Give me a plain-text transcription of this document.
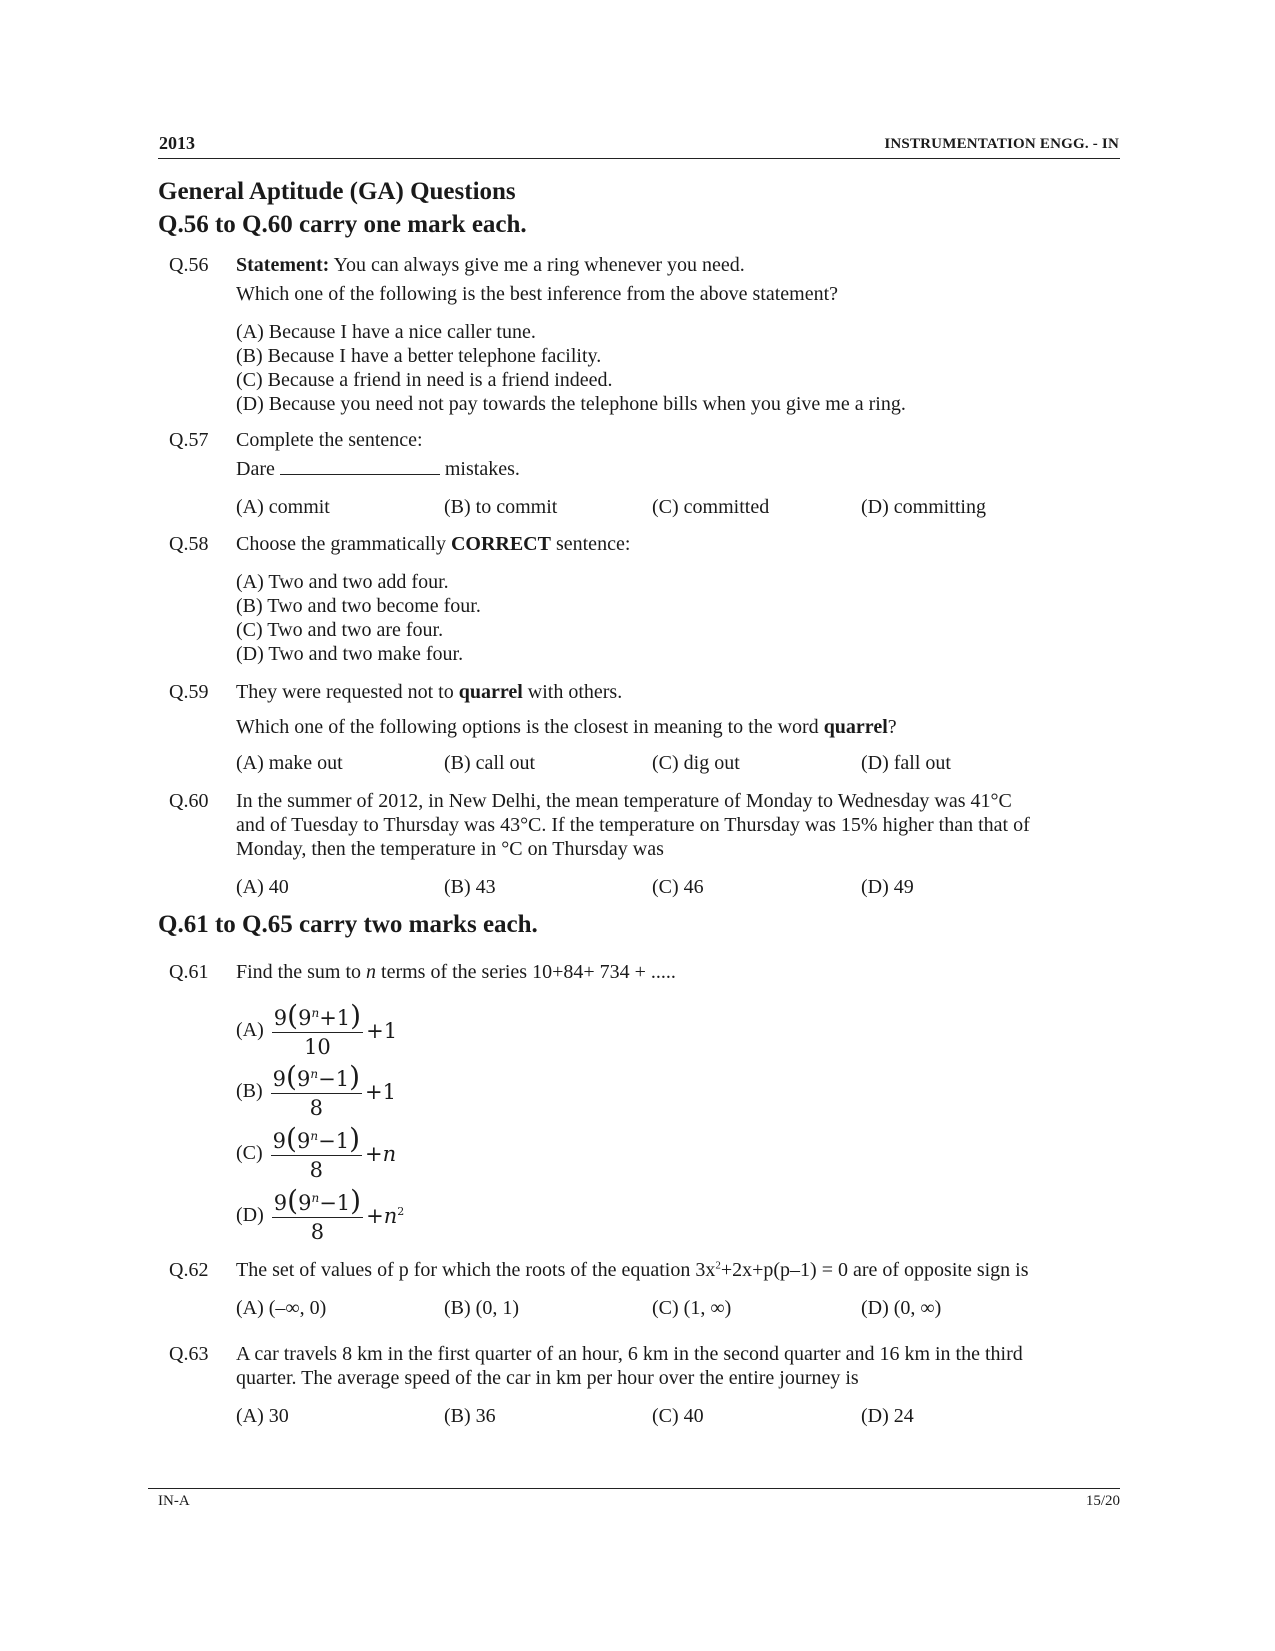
2013	INSTRUMENTATION ENGG. - IN
General Aptitude (GA) Questions
Q.56 to Q.60 carry one mark each.
Q.56 Statement: You can always give me a ring whenever you need.
Which one of the following is the best inference from the above statement?
(A) Because I have a nice caller tune.
(B) Because I have a better telephone facility.
(C) Because a friend in need is a friend indeed.
(D) Because you need not pay towards the telephone bills when you give me a ring.
Q.57 Complete the sentence:
Dare	mistakes.
(A) commit	(B) to commit	(C) committed	(D) committing
Q.58 Choose the grammatically CORRECT sentence:
(A) Two and two add four.
(B) Two and two become four.
(C) Two and two are four.
(D) Two and two make four.
Q.59 They were requested not to quarrel with others.
Which one of the following options is the closest in meaning to the word quarrel?
(A) make out	(B) call out	(C) dig out	(D) fall out
Q.60 In the summer of 2012, in New Delhi, the mean temperature of Monday to Wednesday was 41°C
and of Tuesday to Thursday was 43°C. If the temperature on Thursday was 15% higher than that of
Monday, then the temperature in °C on Thursday was
(A) 40	(B) 43	(C) 46	(D) 49
Q.61 to Q.65 carry two marks each.
Q.61 Find the sum to n terms of the series 10+84+ 734 + .....
$(A) \frac{9(9^n+1)}{10} +1$
$(B) \frac{9(9^n-1)}{8} +1$
$(C) \frac{9(9^n-1)}{8} +n$
$(D) \frac{9(9^n-1)}{8} +n^2$
Q.62 The set of values of p for which the roots of the equation $3x^2+2x+p(p-1) = 0$ are of opposite sign is
(A) (–∞, 0)	(B) (0, 1)	(C) (1, ∞)	(D) (0, ∞)
Q.63 A car travels 8 km in the first quarter of an hour, 6 km in the second quarter and 16 km in the third
quarter. The average speed of the car in km per hour over the entire journey is
(A) 30	(B) 36	(C) 40	(D) 24
IN-A	15/20
